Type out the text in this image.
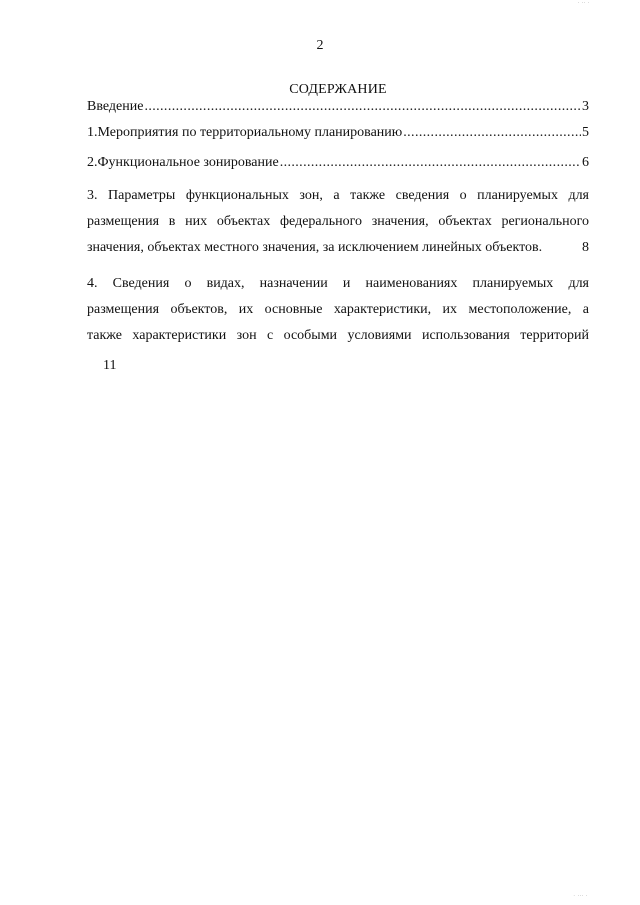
· ·· ·
2
СОДЕРЖАНИЕ
Введение .....	3
1. Мероприятия по территориальному планированию .....	5
2. Функциональное зонирование .....	6
3. Параметры функциональных зон, а также сведения о планируемых для
размещения в них объектах федерального значения, объектах регионального
значения, объектах местного значения, за исключением линейных объектов.	8
4. Сведения о видах, назначении и наименованиях планируемых для
размещения объектов, их основные характеристики, их местоположение, а
также характеристики зон с особыми условиями использования территорий
11
· ··· ·
